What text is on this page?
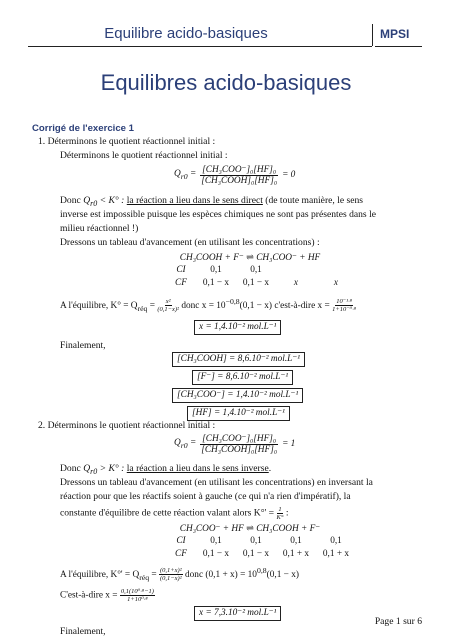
Equilibre acido-basiques	MPSI
Equilibres acido-basiques
Corrigé de l'exercice 1
1. Déterminons le quotient réactionnel initial :
Déterminons le quotient réactionnel initial :
$Q_{r0} = [CH_3COO^-]_0[HF]_0$
[CH₃COOH]₀[HF]₀
= 0
Donc $Q_{r0} < K^\circ$ : la réaction a lieu dans le sens direct (de toute manière, le sens
inverse est impossible puisque les espèces chimiques ne sont pas présentes dans le
milieu réactionnel !)
Dressons un tableau d'avancement (en utilisant les concentrations) :
CH₃COOH + F⁻ ⇌ CH₃COO⁻ + HF
CI	0,1	0,1
CF	0,1 − x	0,1 − x	x	x
A l'équilibre, $K^\circ = Q_{réq} = \frac{\text{x²}}{\text{(0,1−x)²}}$ donc $x = 10^{-0,8}(0,1 - x)$ c'est-à-dire $x = \frac{\text{10⁻¹·⁸}}{\text{1+10⁻⁰·⁸}}$
x = 1,4.10⁻² mol.L⁻¹
Finalement,
[CH₃COOH] = 8,6.10⁻² mol.L⁻¹
[F⁻] = 8,6.10⁻² mol.L⁻¹
[CH₃COO⁻] = 1,4.10⁻² mol.L⁻¹
[HF] = 1,4.10⁻² mol.L⁻¹
2. Déterminons le quotient réactionnel initial :
$Q_{r0} = [CH_3COO^-]_0[HF]_0$
[CH₃COOH]₀[HF]₀
= 1
Donc $Q_{r0} > K^\circ$ : la réaction a lieu dans le sens inverse.
Dressons un tableau d'avancement (en utilisant les concentrations) en inversant la
réaction pour que les réactifs soient à gauche (ce qui n'a rien d'impératif), la
constante d'équilibre de cette réaction valant alors $K^\circ' = \frac{1}{K^\circ}$ :
CH₃COO⁻ + HF ⇌ CH₃COOH + F⁻
CI	0,1	0,1	0,1	0,1
CF	0,1 − x	0,1 − x	0,1 + x	0,1 + x
A l'équilibre, $K^\circ' = Q_{réq} = \frac{\text{(0,1+x)²}}{\text{(0,1−x)²}}$ donc $(0,1 + x) = 10^{0,8}(0,1 - x)$
C'est-à-dire $x = \frac{\text{0,1(10⁰·⁸−1)}}{\text{1+10⁰·⁸}}$
x = 7,3.10⁻² mol.L⁻¹
Finalement,
Page 1 sur 6
